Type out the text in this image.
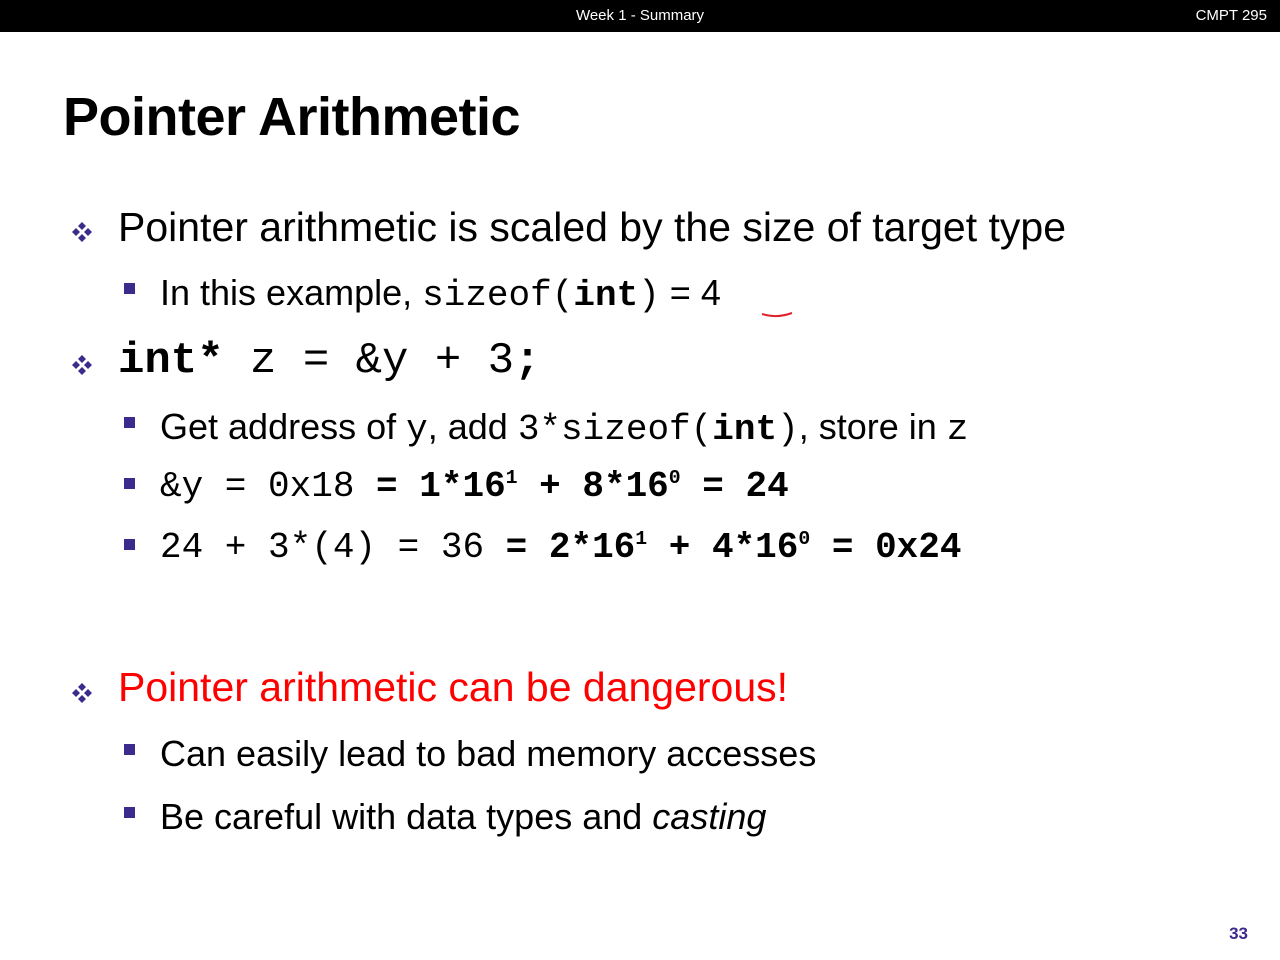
Week 1 - Summary	CMPT 295
Pointer Arithmetic
Pointer arithmetic is scaled by the size of target type
In this example, sizeof(int) = 4
int* z = &y + 3;
Get address of y, add 3*sizeof(int), store in z
&y = $0x18 = 1*16^1 + 8*16^0 = 24$
$24 + 3*(4) = 36 = 2*16^1 + 4*16^0 = 0x24$
Pointer arithmetic can be dangerous!
Can easily lead to bad memory accesses
Be careful with data types and casting
33
